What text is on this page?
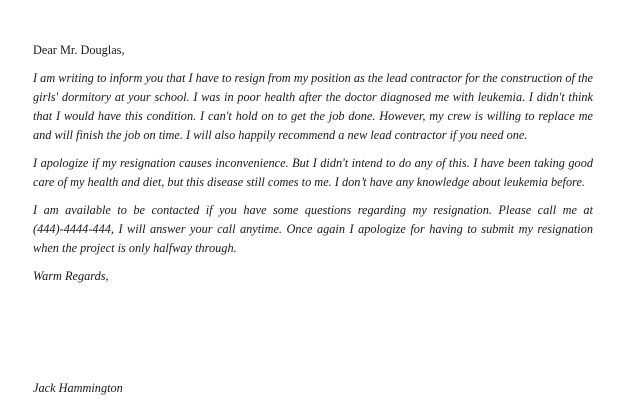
Dear Mr. Douglas,

I am writing to inform you that I have to resign from my position as the lead contractor for the construction of the girls' dormitory at your school. I was in poor health after the doctor diagnosed me with leukemia. I didn't think that I would have this condition. I can't hold on to get the job done. However, my crew is willing to replace me and will finish the job on time. I will also happily recommend a new lead contractor if you need one.

I apologize if my resignation causes inconvenience. But I didn't intend to do any of this. I have been taking good care of my health and diet, but this disease still comes to me. I don’t have any knowledge about leukemia before.

I am available to be contacted if you have some questions regarding my resignation. Please call me at (444)-4444-444, I will answer your call anytime. Once again I apologize for having to submit my resignation when the project is only halfway through.

Warm Regards,

Jack Hammington
